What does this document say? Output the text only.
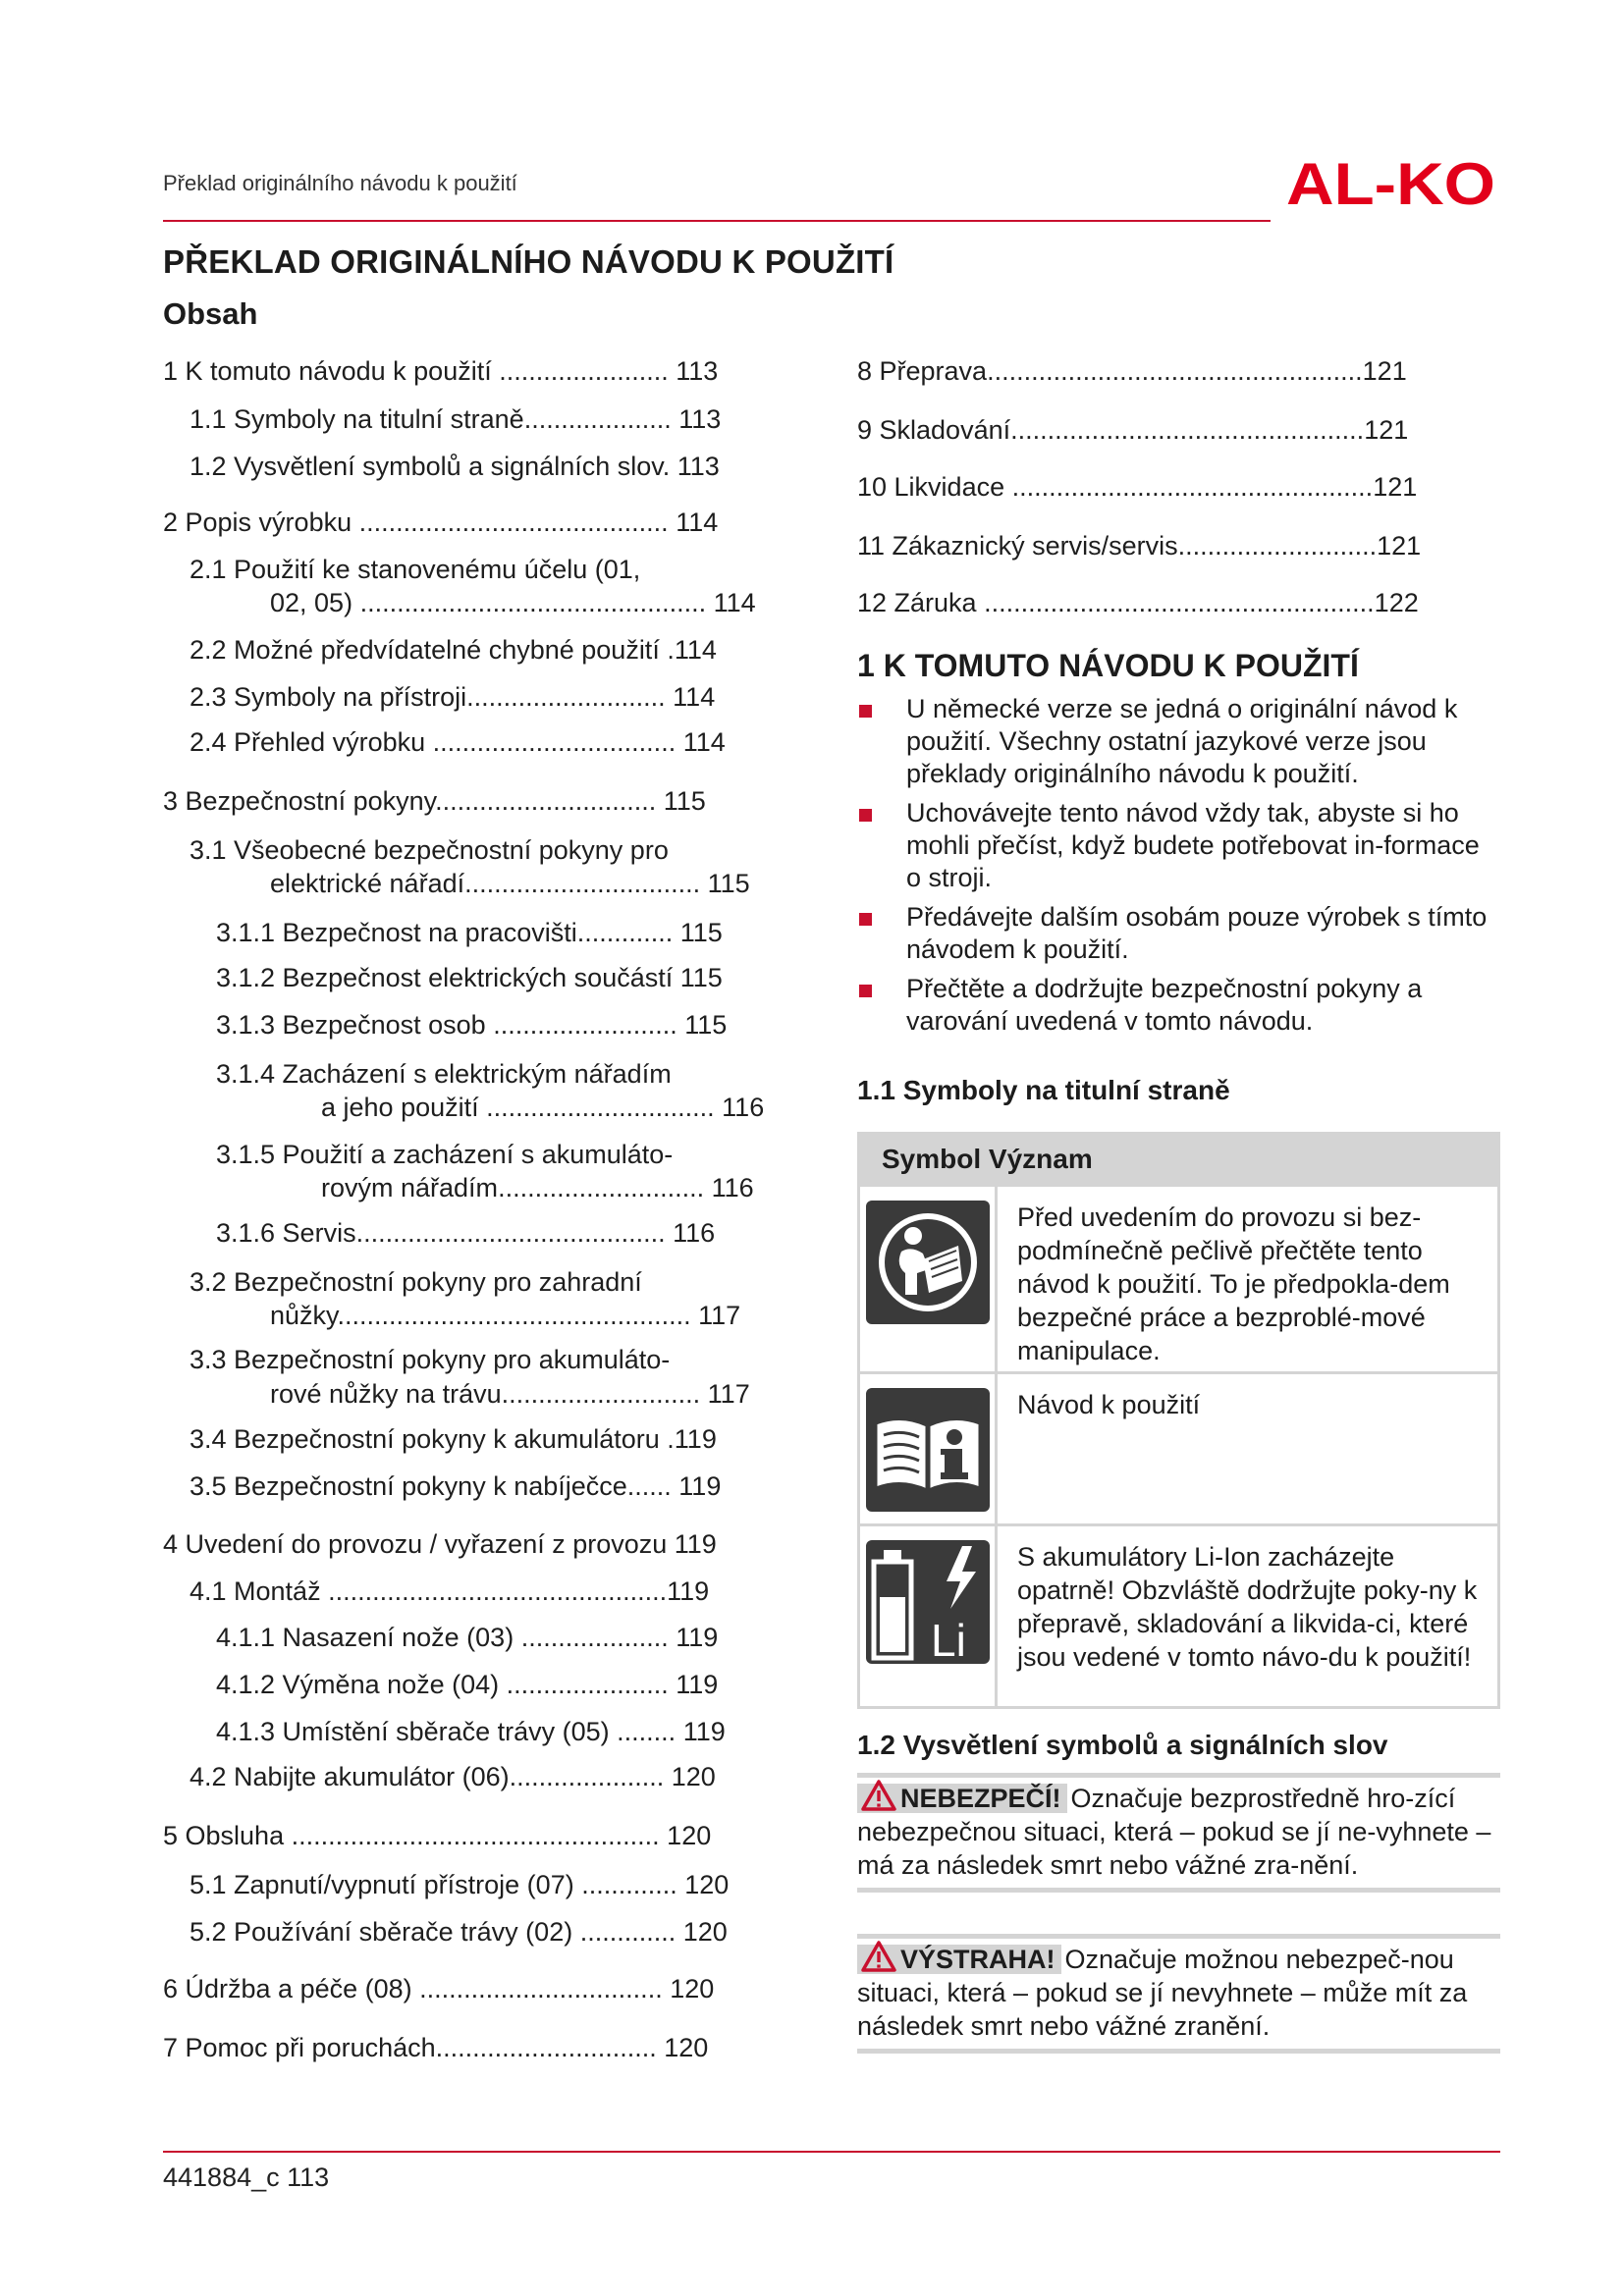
Překlad originálního návodu k použití	AL-KO
PŘEKLAD ORIGINÁLNÍHO NÁVODU K POUŽITÍ
Obsah
1 K tomuto návodu k použití ....................... 113
1.1 Symboly na titulní straně.................... 113
1.2 Vysvětlení symbolů a signálních slov. 113
2 Popis výrobku .......................................... 114
2.1 Použití ke stanovenému účelu (01,
02, 05) ............................................... 114
2.2 Možné předvídatelné chybné použití .114
2.3 Symboly na přístroji........................... 114
2.4 Přehled výrobku ................................. 114
3 Bezpečnostní pokyny.............................. 115
3.1 Všeobecné bezpečnostní pokyny pro
elektrické nářadí................................ 115
3.1.1 Bezpečnost na pracovišti............. 115
3.1.2 Bezpečnost elektrických součástí 115
3.1.3 Bezpečnost osob ......................... 115
3.1.4 Zacházení s elektrickým nářadím
a jeho použití ............................... 116
3.1.5 Použití a zacházení s akumuláto-
rovým nářadím............................ 116
3.1.6 Servis.......................................... 116
3.2 Bezpečnostní pokyny pro zahradní
nůžky................................................ 117
3.3 Bezpečnostní pokyny pro akumuláto-
rové nůžky na trávu........................... 117
3.4 Bezpečnostní pokyny k akumulátoru .119
3.5 Bezpečnostní pokyny k nabíječce...... 119
4 Uvedení do provozu / vyřazení z provozu 119
4.1 Montáž ..............................................119
4.1.1 Nasazení nože (03) .................... 119
4.1.2 Výměna nože (04) ...................... 119
4.1.3 Umístění sběrače trávy (05) ........ 119
4.2 Nabijte akumulátor (06)..................... 120
5 Obsluha .................................................. 120
5.1 Zapnutí/vypnutí přístroje (07) ............. 120
5.2 Používání sběrače trávy (02) ............. 120
6 Údržba a péče (08) ................................. 120
7 Pomoc při poruchách.............................. 120
8 Přeprava...................................................121
9 Skladování................................................121
10 Likvidace .................................................121
11 Zákaznický servis/servis...........................121
12 Záruka .....................................................122
1 K TOMUTO NÁVODU K POUŽITÍ
U německé verze se jedná o originální návod k použití. Všechny ostatní jazykové verze jsou překlady originálního návodu k použití.
Uchovávejte tento návod vždy tak, abyste si ho mohli přečíst, když budete potřebovat in-formace o stroji.
Předávejte dalším osobám pouze výrobek s tímto návodem k použití.
Přečtěte a dodržujte bezpečnostní pokyny a varování uvedená v tomto návodu.
1.1 Symboly na titulní straně
Symbol Význam
Před uvedením do provozu si bez-podmínečně pečlivě přečtěte tento návod k použití. To je předpokla-dem bezpečné práce a bezproblé-mové manipulace.
Návod k použití
Li
S akumulátory Li-Ion zacházejte opatrně! Obzvláště dodržujte poky-ny k přepravě, skladování a likvida-ci, které jsou vedené v tomto návo-du k použití!
1.2 Vysvětlení symbolů a signálních slov
NEBEZPEČÍ! Označuje bezprostředně hro-zící nebezpečnou situaci, která – pokud se jí ne-vyhnete – má za následek smrt nebo vážné zra-nění.
VÝSTRAHA! Označuje možnou nebezpeč-nou situaci, která – pokud se jí nevyhnete – může mít za následek smrt nebo vážné zranění.
441884_c 113
